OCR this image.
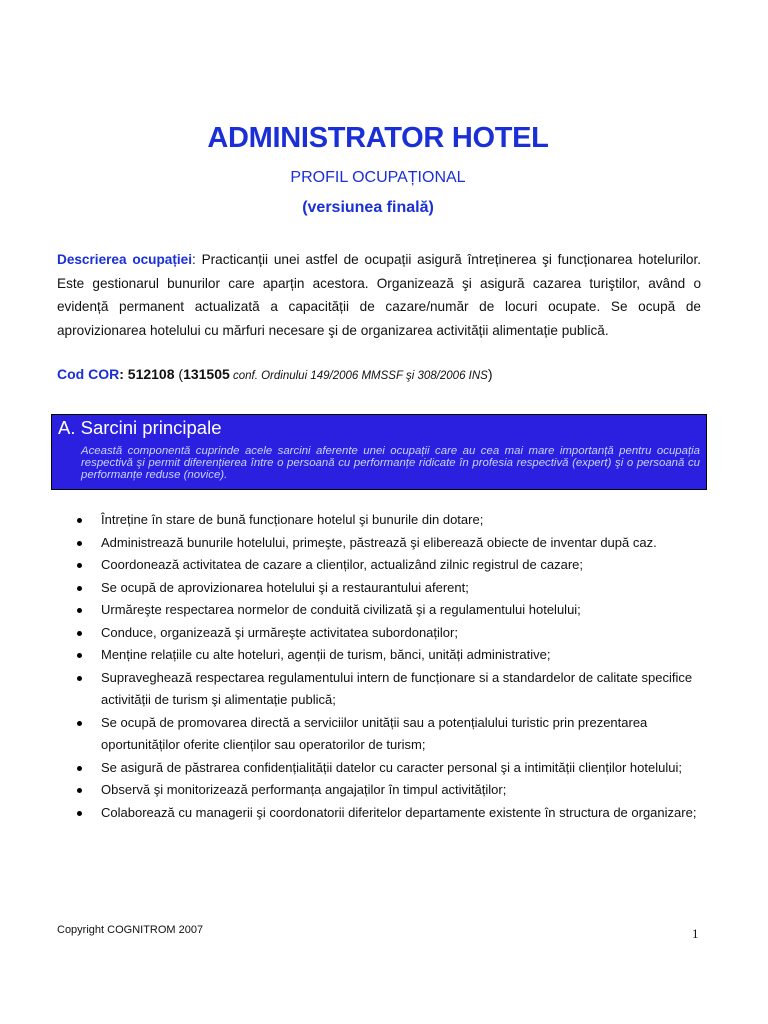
ADMINISTRATOR HOTEL
PROFIL OCUPAȚIONAL
(versiunea finală)
Descrierea ocupației: Practicanții unei astfel de ocupații asigură întreținerea şi funcționarea hotelurilor. Este gestionarul bunurilor care aparțin acestora. Organizează şi asigură cazarea turiştilor, având o evidență permanent actualizată a capacității de cazare/număr de locuri ocupate. Se ocupă de aprovizionarea hotelului cu mărfuri necesare şi de organizarea activității alimentație publică.
Cod COR: 512108 (131505 conf. Ordinului 149/2006 MMSSF şi 308/2006 INS)
A. Sarcini principale
Această componentă cuprinde acele sarcini aferente unei ocupații care au cea mai mare importanță pentru ocupația respectivă şi permit diferențierea între o persoană cu performanțe ridicate în profesia respectivă (expert) şi o persoană cu performanțe reduse (novice).
Întreține în stare de bună funcționare hotelul şi bunurile din dotare;
Administrează bunurile hotelului, primeşte, păstrează şi eliberează obiecte de inventar după caz.
Coordonează activitatea de cazare a clienților, actualizând zilnic registrul de cazare;
Se ocupă de aprovizionarea hotelului şi a restaurantului aferent;
Urmăreşte respectarea normelor de conduită civilizată şi a regulamentului hotelului;
Conduce, organizează şi urmăreşte activitatea subordonaților;
Menține relațiile cu alte hoteluri, agenții de turism, bănci, unități administrative;
Supraveghează respectarea regulamentului intern de funcționare si a standardelor de calitate specifice activității de turism şi alimentație publică;
Se ocupă de promovarea directă a serviciilor unității sau a potențialului turistic prin prezentarea oportunităților oferite clienților sau operatorilor de turism;
Se asigură de păstrarea confidențialității datelor cu caracter personal şi a intimității clienților hotelului;
Observă şi monitorizează performanța angajaților în timpul activităților;
Colaborează cu managerii şi coordonatorii diferitelor departamente existente în structura de organizare;
Copyright COGNITROM 2007	1
